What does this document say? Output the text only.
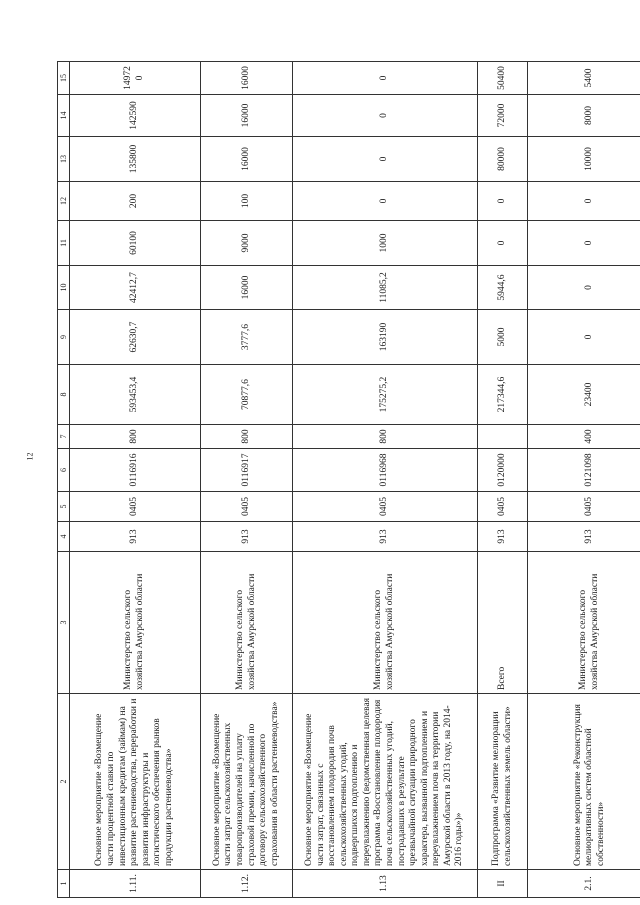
12
1	2	3	4	5	6	7	8	9	10	11	12	13	14	15
1.11.	Основное мероприятие «Возмещение части процентной ставки по инвестиционным кредитам (займам) на развитие растениеводства, переработки и развития инфраструктуры и логистического обеспечения рынков продукции растениеводства»	Министерство сельского хозяйства Амурской области	913	0405	0116916	800	593453,4	62630,7	42412,7	60100	200	135800	142590	149720
1.12.	Основное мероприятие «Возмещение части затрат сельскохозяйственных товаропроизводителей на уплату страховой премии, начисленной по договору сельскохозяйственного страхования в области растениеводства»	Министерство сельского хозяйства Амурской области	913	0405	0116917	800	70877,6	3777,6	16000	9000	100	16000	16000	16000
1.13	Основное мероприятие «Возмещение части затрат, связанных с восстановлением плодородия почв сельскохозяйственных угодий, подвергшихся подтоплению и переувлажнению (ведомственная целевая программа «Восстановление плодородия почв сельскохозяйственных угодий, пострадавших в результате чрезвычайной ситуации природного характера, вызванной подтоплением и переувлажнением почв на территории Амурской области в 2013 году, на 2014-2016 годы»)»	Министерство сельского хозяйства Амурской области	913	0405	0116968	800	175275,2	163190	11085,2	1000	0	0	0	0
II	Подпрограмма «Развитие мелиорации сельскохозяйственных земель области»	Всего	913	0405	0120000		217344,6	5000	5944,6	0	0	80000	72000	50400
2.1.	Основное мероприятие «Реконструкция мелиоративных систем областной собственности»	Министерство сельского хозяйства Амурской области	913	0405	0121098	400	23400	0	0	0	0	10000	8000	5400
